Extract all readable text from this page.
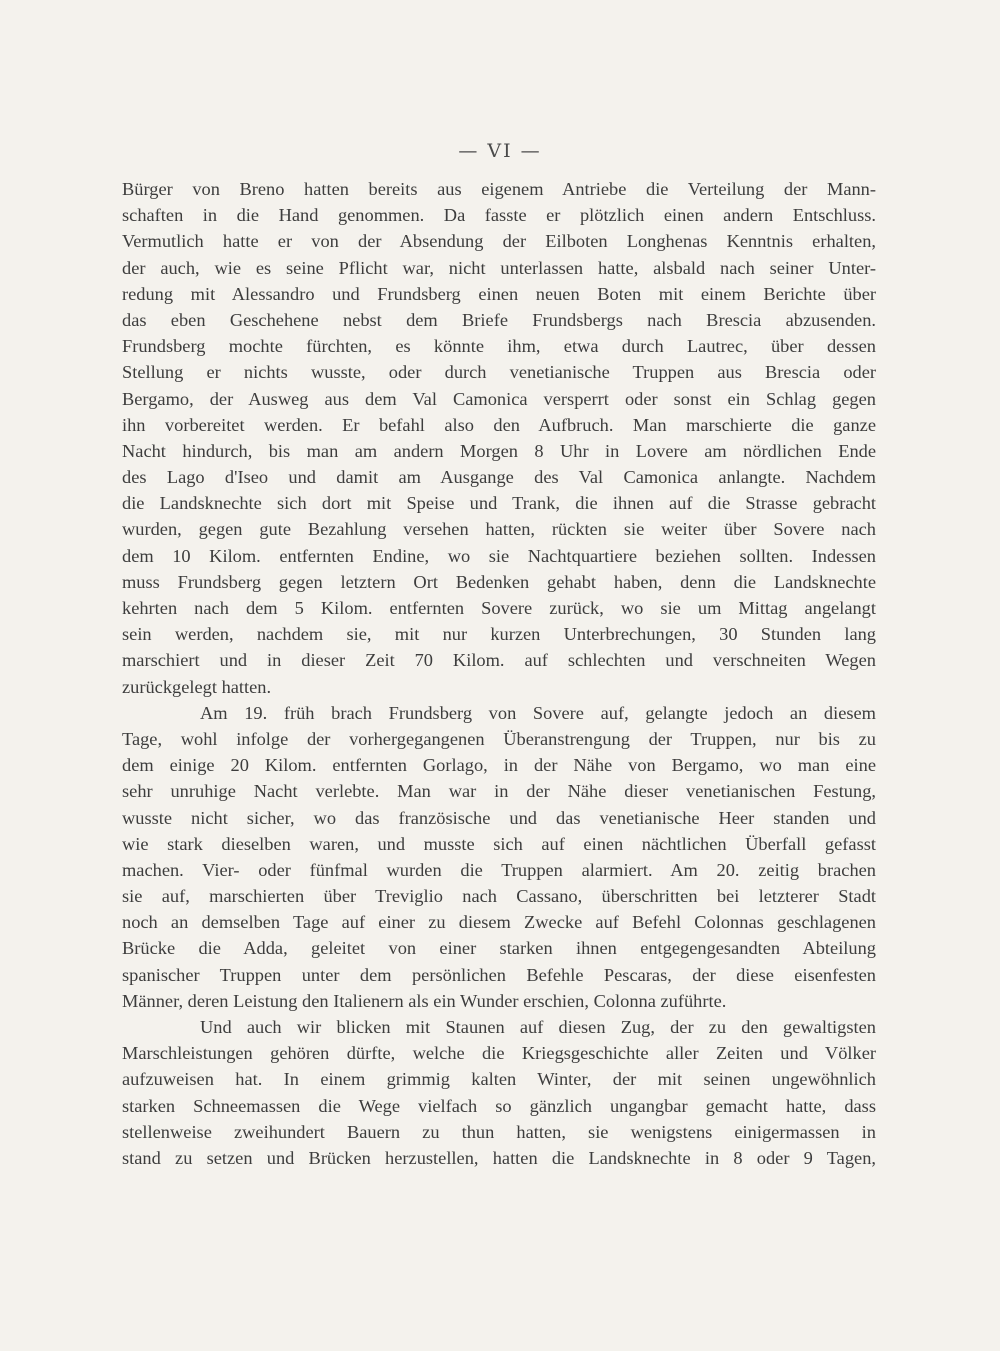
— VI —
Bürger von Breno hatten bereits aus eigenem Antriebe die Verteilung der Mann-
schaften in die Hand genommen. Da fasste er plötzlich einen andern Entschluss.
Vermutlich hatte er von der Absendung der Eilboten Longhenas Kenntnis erhalten,
der auch, wie es seine Pflicht war, nicht unterlassen hatte, alsbald nach seiner Unter-
redung mit Alessandro und Frundsberg einen neuen Boten mit einem Berichte über
das eben Geschehene nebst dem Briefe Frundsbergs nach Brescia abzusenden.
Frundsberg mochte fürchten, es könnte ihm, etwa durch Lautrec, über dessen
Stellung er nichts wusste, oder durch venetianische Truppen aus Brescia oder
Bergamo, der Ausweg aus dem Val Camonica versperrt oder sonst ein Schlag gegen
ihn vorbereitet werden. Er befahl also den Aufbruch. Man marschierte die ganze
Nacht hindurch, bis man am andern Morgen 8 Uhr in Lovere am nördlichen Ende
des Lago d'Iseo und damit am Ausgange des Val Camonica anlangte. Nachdem
die Landsknechte sich dort mit Speise und Trank, die ihnen auf die Strasse gebracht
wurden, gegen gute Bezahlung versehen hatten, rückten sie weiter über Sovere nach
dem 10 Kilom. entfernten Endine, wo sie Nachtquartiere beziehen sollten. Indessen
muss Frundsberg gegen letztern Ort Bedenken gehabt haben, denn die Landsknechte
kehrten nach dem 5 Kilom. entfernten Sovere zurück, wo sie um Mittag angelangt
sein werden, nachdem sie, mit nur kurzen Unterbrechungen, 30 Stunden lang
marschiert und in dieser Zeit 70 Kilom. auf schlechten und verschneiten Wegen
zurückgelegt hatten.
Am 19. früh brach Frundsberg von Sovere auf, gelangte jedoch an diesem
Tage, wohl infolge der vorhergegangenen Überanstrengung der Truppen, nur bis zu
dem einige 20 Kilom. entfernten Gorlago, in der Nähe von Bergamo, wo man eine
sehr unruhige Nacht verlebte. Man war in der Nähe dieser venetianischen Festung,
wusste nicht sicher, wo das französische und das venetianische Heer standen und
wie stark dieselben waren, und musste sich auf einen nächtlichen Überfall gefasst
machen. Vier- oder fünfmal wurden die Truppen alarmiert. Am 20. zeitig brachen
sie auf, marschierten über Treviglio nach Cassano, überschritten bei letzterer Stadt
noch an demselben Tage auf einer zu diesem Zwecke auf Befehl Colonnas geschlagenen
Brücke die Adda, geleitet von einer starken ihnen entgegengesandten Abteilung
spanischer Truppen unter dem persönlichen Befehle Pescaras, der diese eisenfesten
Männer, deren Leistung den Italienern als ein Wunder erschien, Colonna zuführte.
Und auch wir blicken mit Staunen auf diesen Zug, der zu den gewaltigsten
Marschleistungen gehören dürfte, welche die Kriegsgeschichte aller Zeiten und Völker
aufzuweisen hat. In einem grimmig kalten Winter, der mit seinen ungewöhnlich
starken Schneemassen die Wege vielfach so gänzlich ungangbar gemacht hatte, dass
stellenweise zweihundert Bauern zu thun hatten, sie wenigstens einigermassen in
stand zu setzen und Brücken herzustellen, hatten die Landsknechte in 8 oder 9 Tagen,
